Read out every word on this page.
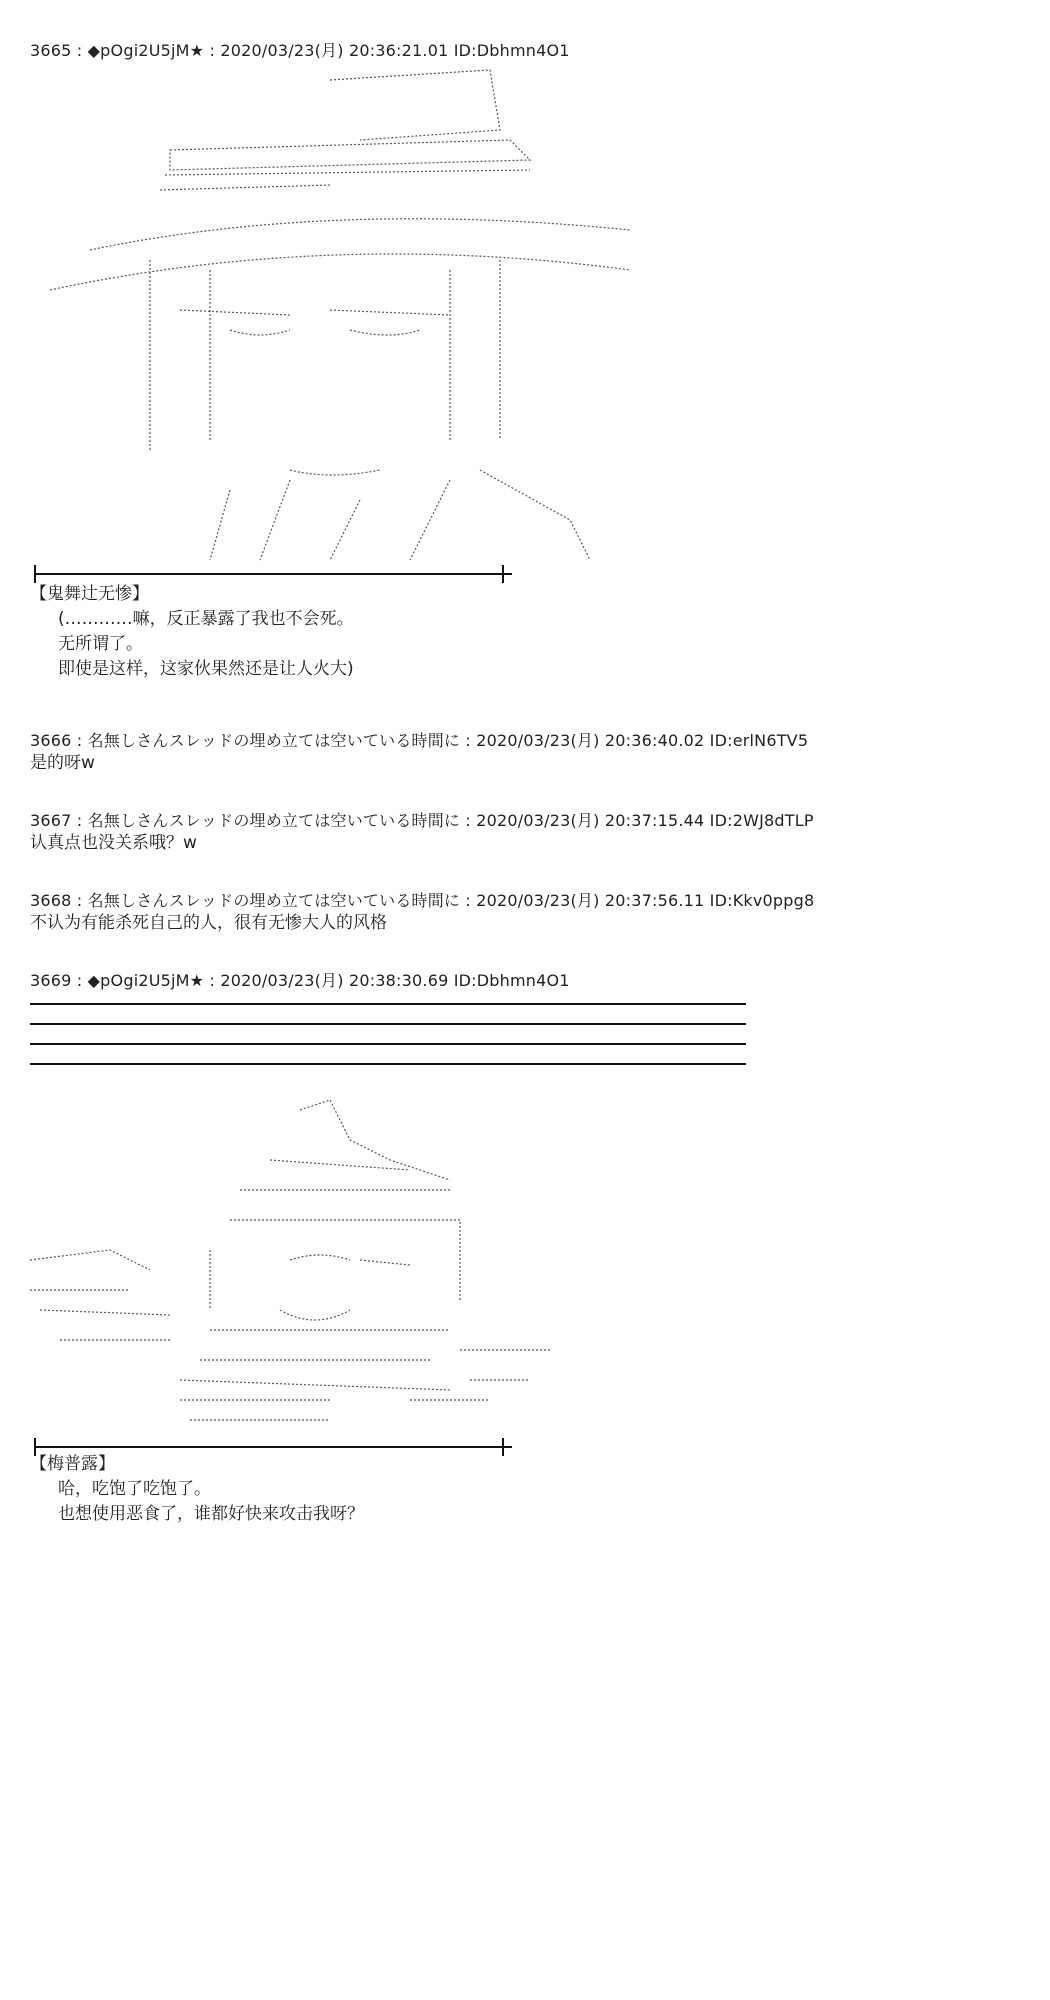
3665 : ◆pOgi2U5jM★ : 2020/03/23(月) 20:36:21.01 ID:Dbhmn4O1
【鬼舞辻无惨】
(…………嘛，反正暴露了我也不会死。
无所谓了。
即使是这样，这家伙果然还是让人火大)
3666 : 名無しさんスレッドの埋め立ては空いている時間に : 2020/03/23(月) 20:36:40.02 ID:erlN6TV5
是的呀w
3667 : 名無しさんスレッドの埋め立ては空いている時間に : 2020/03/23(月) 20:37:15.44 ID:2WJ8dTLP
认真点也没关系哦？w
3668 : 名無しさんスレッドの埋め立ては空いている時間に : 2020/03/23(月) 20:37:56.11 ID:Kkv0ppg8
不认为有能杀死自己的人，很有无惨大人的风格
3669 : ◆pOgi2U5jM★ : 2020/03/23(月) 20:38:30.69 ID:Dbhmn4O1
【梅普露】
哈，吃饱了吃饱了。
也想使用恶食了，谁都好快来攻击我呀？
